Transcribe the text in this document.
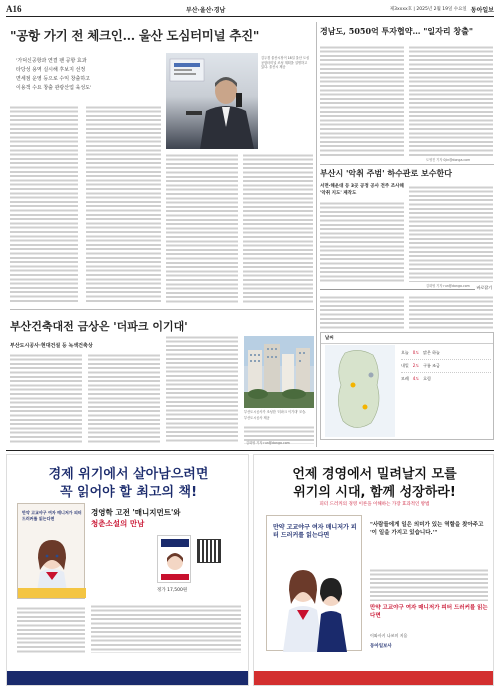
A16	부산·울산·경남	제3xxxx호 | 2025년 2월 19일 수요일 동아일보
"공항 가기 전 체크인… 울산 도심터미널 추진"
'가덕신공항과 연결 팬 공항 효과
타당성 용역 실시해 후보지 선정
면세점 운영 등으로 수익 창출하고
이용객 수요 창출 관광산업 육성도'
김두겸 울산시장이 18일 울산 도심공항터미널 조성 계획을 설명하고 있다. 울산시 제공
경남도, 5050억 투자협약… "일자리 창출"
도영진 기자 0jin@donga.com
부산시 '악취 주범' 하수관로 보수한다
서면·해운대 등 3곳 공정 공사 전주 조사해 '악취 지도' 제작도
김화영 기자 run@donga.com	바로잡기
부산건축대전 금상은 '더파크 이기대'
부산도시공사·현대건설 등 녹색건축상
부산도시공사가 조성한 '더파크 이기대' 모습.
부산도시공사 제공
날씨
오늘 0도 맑은 하늘
내일 2도 구름 조금
모레 4도 흐림
김화영 기자 run@donga.com
경제 위기에서 살아남으려면
꼭 읽어야 할 최고의 책!
경영학 고전 '매니지먼트'와
청춘소설의 만남
만약 고교야구 여자 매니저가 피터 드러커를 읽는다면
정가 17,500원
언제 경영에서 밀려날지 모를
위기의 시대, 함께 성장하라!
피터 드러커의 경영 이론을 이해하는 가장 효과적인 방법
만약 고교야구 여자 매니저가 피터 드러커를 읽는다면
"사람들에게 일은 의미가 있는 역할을 찾아주고 '이 일을 가지고 있습니다.'"
만약 고교야구 여자 매니저가 피터 드러커를 읽는다면
이와사키 나쓰미 지음
동아일보사
